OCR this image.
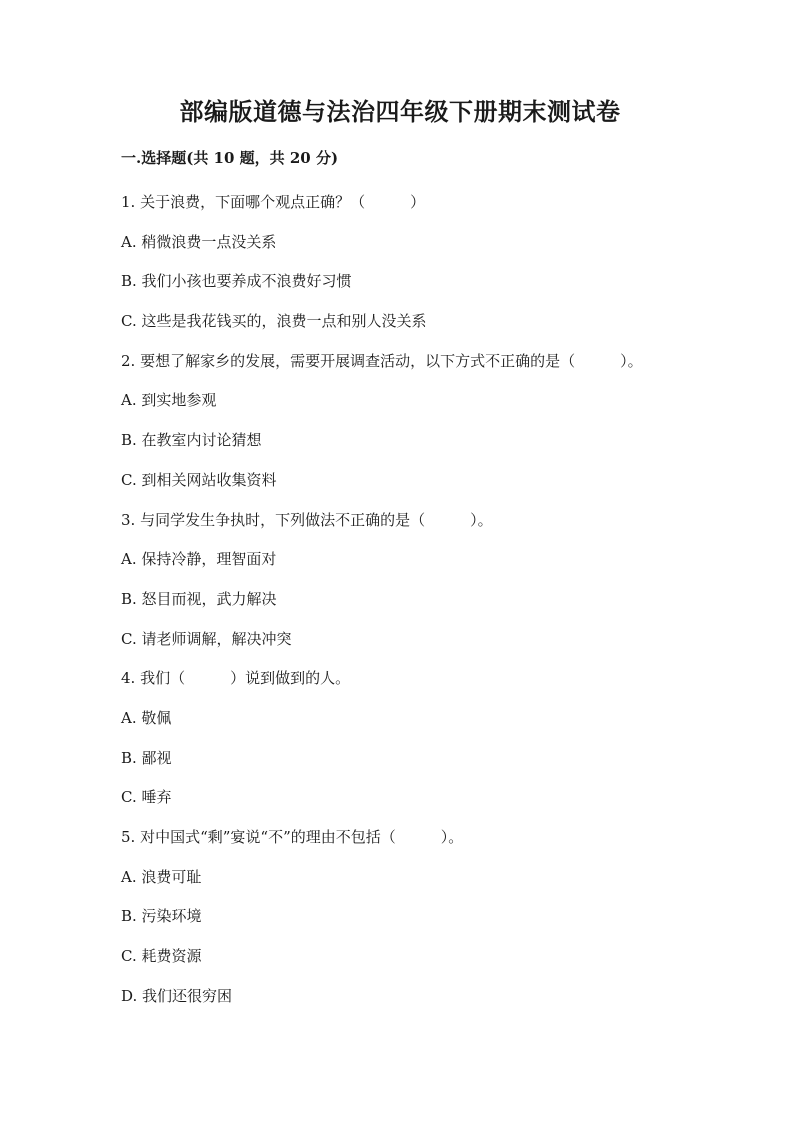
部编版道德与法治四年级下册期末测试卷
一.选择题(共 10 题，共 20 分)
1. 关于浪费，下面哪个观点正确？（　　　）
A. 稍微浪费一点没关系
B. 我们小孩也要养成不浪费好习惯
C. 这些是我花钱买的，浪费一点和别人没关系
2. 要想了解家乡的发展，需要开展调查活动，以下方式不正确的是（　　　）。
A. 到实地参观
B. 在教室内讨论猜想
C. 到相关网站收集资料
3. 与同学发生争执时，下列做法不正确的是（　　　）。
A. 保持冷静，理智面对
B. 怒目而视，武力解决
C. 请老师调解，解决冲突
4. 我们（　　　）说到做到的人。
A. 敬佩
B. 鄙视
C. 唾弃
5. 对中国式“剩”宴说“不”的理由不包括（　　　）。
A. 浪费可耻
B. 污染环境
C. 耗费资源
D. 我们还很穷困
